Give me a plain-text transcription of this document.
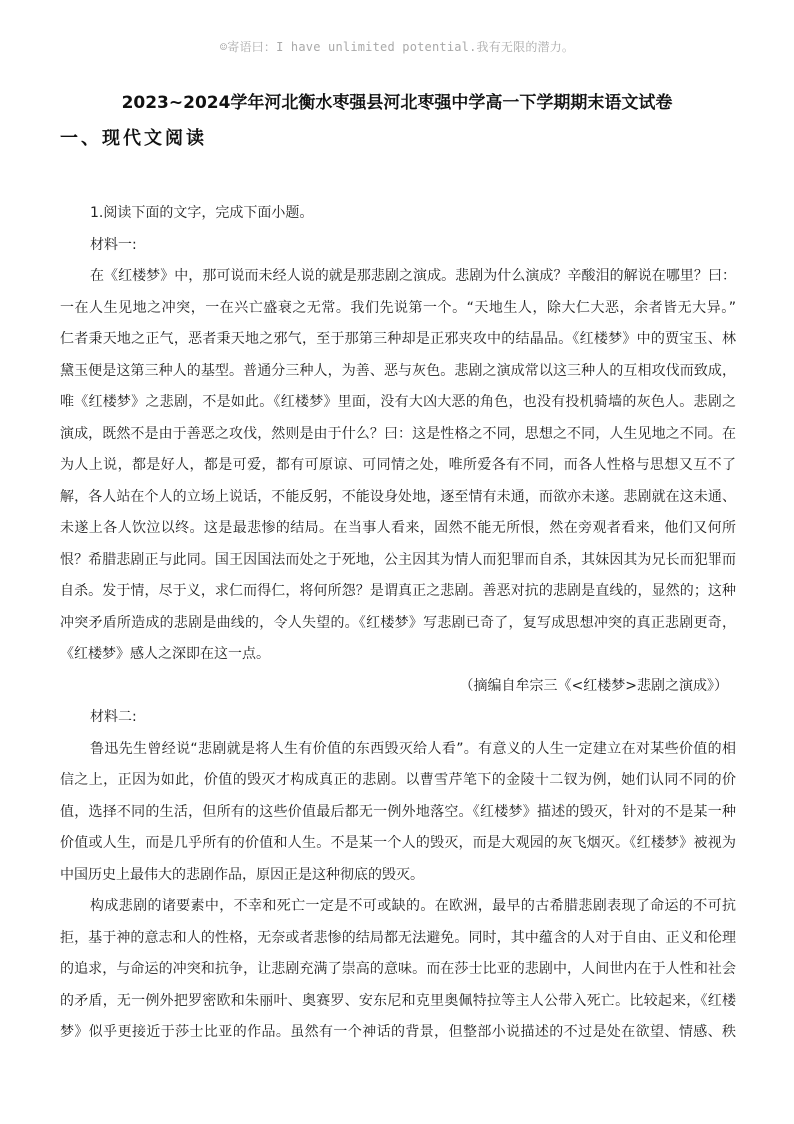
☺寄语曰：I have unlimited potential.我有无限的潜力。
2023~2024学年河北衡水枣强县河北枣强中学高一下学期期末语文试卷
一、现代文阅读
1.阅读下面的文字，完成下面小题。
材料一:
在《红楼梦》中，那可说而未经人说的就是那悲剧之演成。悲剧为什么演成？辛酸泪的解说在哪里？曰：
一在人生见地之冲突，一在兴亡盛衰之无常。我们先说第一个。“天地生人，除大仁大恶，余者皆无大异。”
仁者秉天地之正气，恶者秉天地之邪气，至于那第三种却是正邪夹攻中的结晶品。《红楼梦》中的贾宝玉、林
黛玉便是这第三种人的基型。普通分三种人，为善、恶与灰色。悲剧之演成常以这三种人的互相攻伐而致成，
唯《红楼梦》之悲剧，不是如此。《红楼梦》里面，没有大凶大恶的角色，也没有投机骑墙的灰色人。悲剧之
演成，既然不是由于善恶之攻伐，然则是由于什么？曰：这是性格之不同，思想之不同，人生见地之不同。在
为人上说，都是好人，都是可爱，都有可原谅、可同情之处，唯所爱各有不同，而各人性格与思想又互不了
解，各人站在个人的立场上说话，不能反躬，不能设身处地，逐至情有未通，而欲亦未遂。悲剧就在这未通、
未遂上各人饮泣以终。这是最悲惨的结局。在当事人看来，固然不能无所恨，然在旁观者看来，他们又何所
恨？希腊悲剧正与此同。国王因国法而处之于死地，公主因其为情人而犯罪而自杀，其妹因其为兄长而犯罪而
自杀。发于情，尽于义，求仁而得仁，将何所怨？是谓真正之悲剧。善恶对抗的悲剧是直线的，显然的；这种
冲突矛盾所造成的悲剧是曲线的，令人失望的。《红楼梦》写悲剧已奇了，复写成思想冲突的真正悲剧更奇，
《红楼梦》感人之深即在这一点。
（摘编自牟宗三《<红楼梦>悲剧之演成》）
材料二:
鲁迅先生曾经说“悲剧就是将人生有价值的东西毁灭给人看”。有意义的人生一定建立在对某些价值的相
信之上，正因为如此，价值的毁灭才构成真正的悲剧。以曹雪芹笔下的金陵十二钗为例，她们认同不同的价
值，选择不同的生活，但所有的这些价值最后都无一例外地落空。《红楼梦》描述的毁灭，针对的不是某一种
价值或人生，而是几乎所有的价值和人生。不是某一个人的毁灭，而是大观园的灰飞烟灭。《红楼梦》被视为
中国历史上最伟大的悲剧作品，原因正是这种彻底的毁灭。
构成悲剧的诸要素中，不幸和死亡一定是不可或缺的。在欧洲，最早的古希腊悲剧表现了命运的不可抗
拒，基于神的意志和人的性格，无奈或者悲惨的结局都无法避免。同时，其中蕴含的人对于自由、正义和伦理
的追求，与命运的冲突和抗争，让悲剧充满了崇高的意味。而在莎士比亚的悲剧中，人间世内在于人性和社会
的矛盾，无一例外把罗密欧和朱丽叶、奥赛罗、安东尼和克里奥佩特拉等主人公带入死亡。比较起来，《红楼
梦》似乎更接近于莎士比亚的作品。虽然有一个神话的背景，但整部小说描述的不过是处在欲望、情感、秩
